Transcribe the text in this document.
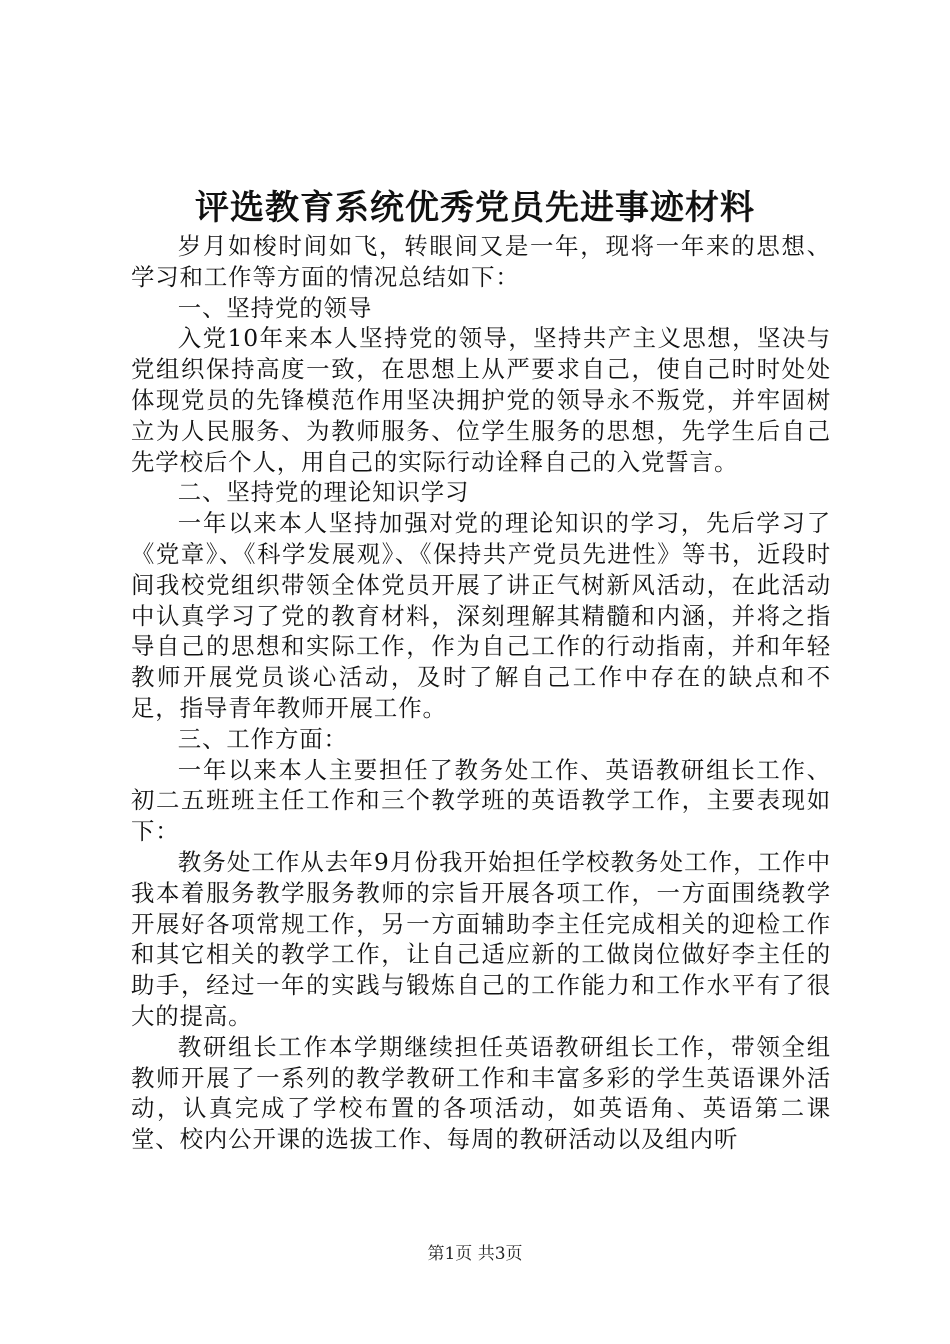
评选教育系统优秀党员先进事迹材料

岁月如梭时间如飞，转眼间又是一年，现将一年来的思想、学习和工作等方面的情况总结如下：

一、坚持党的领导

入党10年来本人坚持党的领导，坚持共产主义思想，坚决与党组织保持高度一致，在思想上从严要求自己，使自己时时处处体现党员的先锋模范作用坚决拥护党的领导永不叛党，并牢固树立为人民服务、为教师服务、位学生服务的思想，先学生后自己先学校后个人，用自己的实际行动诠释自己的入党誓言。

二、坚持党的理论知识学习

一年以来本人坚持加强对党的理论知识的学习，先后学习了《党章》、《科学发展观》、《保持共产党员先进性》等书，近段时间我校党组织带领全体党员开展了讲正气树新风活动，在此活动中认真学习了党的教育材料，深刻理解其精髓和内涵，并将之指导自己的思想和实际工作，作为自己工作的行动指南，并和年轻教师开展党员谈心活动，及时了解自己工作中存在的缺点和不足，指导青年教师开展工作。

三、工作方面：

一年以来本人主要担任了教务处工作、英语教研组长工作、初二五班班主任工作和三个教学班的英语教学工作，主要表现如下：

教务处工作从去年9月份我开始担任学校教务处工作，工作中我本着服务教学服务教师的宗旨开展各项工作，一方面围绕教学开展好各项常规工作，另一方面辅助李主任完成相关的迎检工作和其它相关的教学工作，让自己适应新的工做岗位做好李主任的助手，经过一年的实践与锻炼自己的工作能力和工作水平有了很大的提高。

教研组长工作本学期继续担任英语教研组长工作，带领全组教师开展了一系列的教学教研工作和丰富多彩的学生英语课外活动，认真完成了学校布置的各项活动，如英语角、英语第二课堂、校内公开课的选拔工作、每周的教研活动以及组内听

第1页 共3页
